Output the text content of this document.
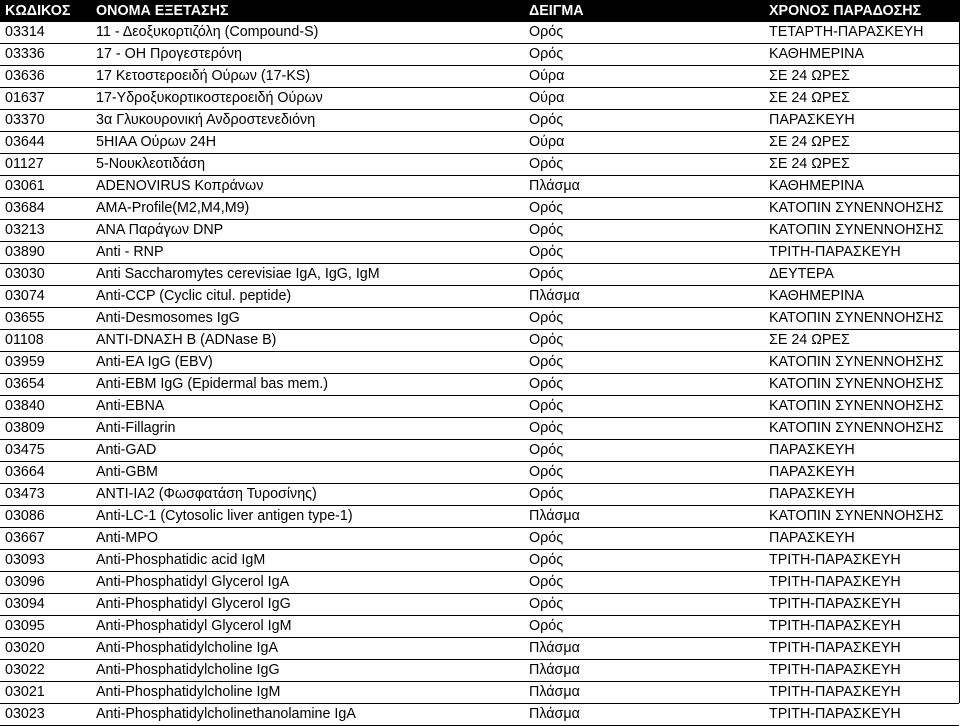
ΚΩΔΙΚΟΣ	ΟΝΟΜΑ ΕΞΕΤΑΣΗΣ	ΔΕΙΓΜΑ	ΧΡΟΝΟΣ ΠΑΡΑΔΟΣΗΣ
03314	11 - Δεοξυκορτιζόλη (Compound-S)	Ορός	ΤΕΤΑΡΤΗ-ΠΑΡΑΣΚΕΥΗ
03336	17 - OH Προγεστερόνη	Ορός	ΚΑΘΗΜΕΡΙΝΑ
03636	17 Κετοστεροειδή Ούρων (17-KS)	Ούρα	ΣΕ 24 ΩΡΕΣ
01637	17-Υδροξυκορτικοστεροειδή Ούρων	Ούρα	ΣΕ 24 ΩΡΕΣ
03370	3α Γλυκουρονική Ανδροστενεδιόνη	Ορός	ΠΑΡΑΣΚΕΥΗ
03644	5HIAA Ούρων 24H	Ούρα	ΣΕ 24 ΩΡΕΣ
01127	5-Νουκλεοτιδάση	Ορός	ΣΕ 24 ΩΡΕΣ
03061	ADENOVIRUS Κοπράνων	Πλάσμα	ΚΑΘΗΜΕΡΙΝΑ
03684	AMA-Profile(M2,M4,M9)	Ορός	ΚΑΤΟΠΙΝ ΣΥΝΕΝΝΟΗΣΗΣ
03213	ANA Παράγων DNP	Ορός	ΚΑΤΟΠΙΝ ΣΥΝΕΝΝΟΗΣΗΣ
03890	Anti - RNP	Ορός	ΤΡΙΤΗ-ΠΑΡΑΣΚΕΥΗ
03030	Anti Saccharomytes cerevisiae IgA, IgG, IgM	Ορός	ΔΕΥΤΕΡΑ
03074	Anti-CCP (Cyclic citul. peptide)	Πλάσμα	ΚΑΘΗΜΕΡΙΝΑ
03655	Anti-Desmosomes IgG	Ορός	ΚΑΤΟΠΙΝ ΣΥΝΕΝΝΟΗΣΗΣ
01108	ANTI-DNAΣΗ B (ADNase B)	Ορός	ΣΕ 24 ΩΡΕΣ
03959	Anti-EA IgG (EBV)	Ορός	ΚΑΤΟΠΙΝ ΣΥΝΕΝΝΟΗΣΗΣ
03654	Anti-EBM IgG (Epidermal bas mem.)	Ορός	ΚΑΤΟΠΙΝ ΣΥΝΕΝΝΟΗΣΗΣ
03840	Anti-EBNA	Ορός	ΚΑΤΟΠΙΝ ΣΥΝΕΝΝΟΗΣΗΣ
03809	Anti-Fillagrin	Ορός	ΚΑΤΟΠΙΝ ΣΥΝΕΝΝΟΗΣΗΣ
03475	Anti-GAD	Ορός	ΠΑΡΑΣΚΕΥΗ
03664	Anti-GBM	Ορός	ΠΑΡΑΣΚΕΥΗ
03473	ANTI-IA2 (Φωσφατάση Τυροσίνης)	Ορός	ΠΑΡΑΣΚΕΥΗ
03086	Anti-LC-1 (Cytosolic liver antigen type-1)	Πλάσμα	ΚΑΤΟΠΙΝ ΣΥΝΕΝΝΟΗΣΗΣ
03667	Anti-MPO	Ορός	ΠΑΡΑΣΚΕΥΗ
03093	Anti-Phosphatidic acid IgM	Ορός	ΤΡΙΤΗ-ΠΑΡΑΣΚΕΥΗ
03096	Anti-Phosphatidyl Glycerol IgA	Ορός	ΤΡΙΤΗ-ΠΑΡΑΣΚΕΥΗ
03094	Anti-Phosphatidyl Glycerol IgG	Ορός	ΤΡΙΤΗ-ΠΑΡΑΣΚΕΥΗ
03095	Anti-Phosphatidyl Glycerol IgM	Ορός	ΤΡΙΤΗ-ΠΑΡΑΣΚΕΥΗ
03020	Anti-Phosphatidylcholine IgA	Πλάσμα	ΤΡΙΤΗ-ΠΑΡΑΣΚΕΥΗ
03022	Anti-Phosphatidylcholine IgG	Πλάσμα	ΤΡΙΤΗ-ΠΑΡΑΣΚΕΥΗ
03021	Anti-Phosphatidylcholine IgM	Πλάσμα	ΤΡΙΤΗ-ΠΑΡΑΣΚΕΥΗ
03023	Anti-Phosphatidylcholinethanolamine IgA	Πλάσμα	ΤΡΙΤΗ-ΠΑΡΑΣΚΕΥΗ
